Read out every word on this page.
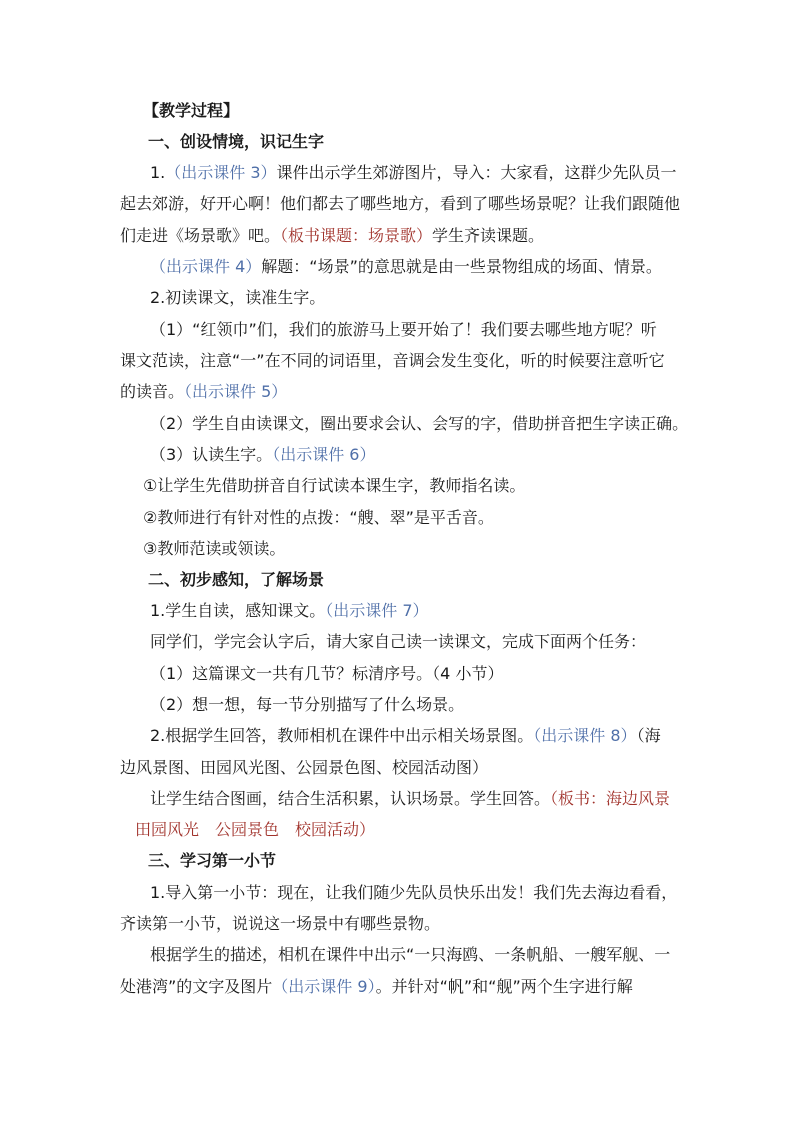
【教学过程】
一、创设情境，识记生字
1.（出示课件 3）课件出示学生郊游图片，导入：大家看，这群少先队员一
起去郊游，好开心啊！他们都去了哪些地方，看到了哪些场景呢？让我们跟随他
们走进《场景歌》吧。（板书课题：场景歌）学生齐读课题。
（出示课件 4）解题：“场景”的意思就是由一些景物组成的场面、情景。
2.初读课文，读准生字。
（1）“红领巾”们，我们的旅游马上要开始了！我们要去哪些地方呢？听
课文范读，注意“一”在不同的词语里，音调会发生变化，听的时候要注意听它
的读音。（出示课件 5）
（2）学生自由读课文，圈出要求会认、会写的字，借助拼音把生字读正确。
（3）认读生字。（出示课件 6）
①让学生先借助拼音自行试读本课生字，教师指名读。
②教师进行有针对性的点拨：“艘、翠”是平舌音。
③教师范读或领读。
二、初步感知，了解场景
1.学生自读，感知课文。（出示课件 7）
同学们，学完会认字后，请大家自己读一读课文，完成下面两个任务：
（1）这篇课文一共有几节？标清序号。（4 小节）
（2）想一想，每一节分别描写了什么场景。
2.根据学生回答，教师相机在课件中出示相关场景图。（出示课件 8）（海
边风景图、田园风光图、公园景色图、校园活动图）
让学生结合图画，结合生活积累，认识场景。学生回答。（板书：海边风景
田园风光　公园景色　校园活动）
三、学习第一小节
1.导入第一小节：现在，让我们随少先队员快乐出发！我们先去海边看看，
齐读第一小节，说说这一场景中有哪些景物。
根据学生的描述，相机在课件中出示“一只海鸥、一条帆船、一艘军舰、一
处港湾”的文字及图片（出示课件 9）。并针对“帆”和“舰”两个生字进行解
